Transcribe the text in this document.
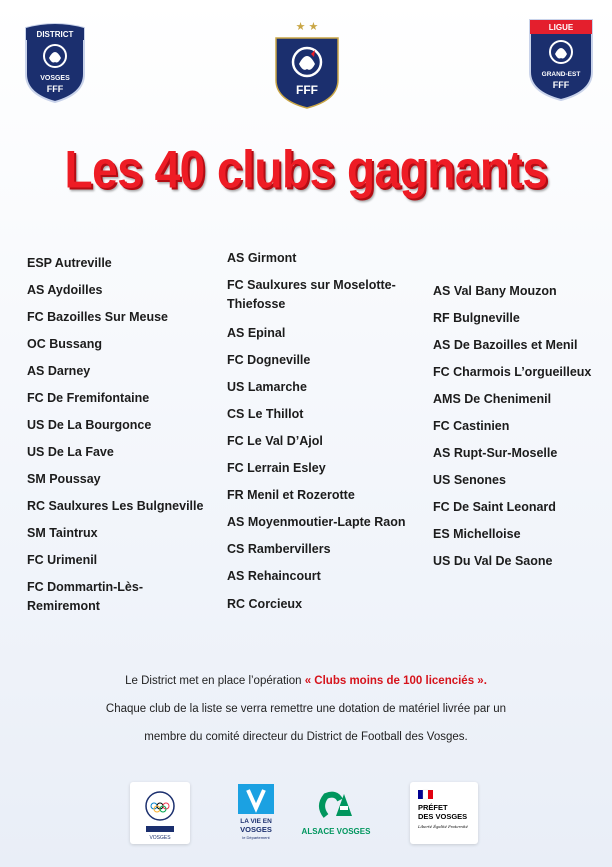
DISTRICT
VOSGES
FFF
★ ★
FFF
LIGUE
GRAND-EST
FFF
Les 40 clubs gagnants
ESP Autreville
AS Aydoilles
FC Bazoilles Sur Meuse
OC Bussang
AS Darney
FC De Fremifontaine
US De La Bourgonce
US De La Fave
SM Poussay
RC Saulxures Les Bulgneville
SM Taintrux
FC Urimenil
FC Dommartin-Lès-Remiremont
AS Girmont
FC Saulxures sur Moselotte-Thiefosse
AS Epinal
FC Dogneville
US Lamarche
CS Le Thillot
FC Le Val D’Ajol
FC Lerrain Esley
FR Menil et Rozerotte
AS Moyenmoutier-Lapte Raon
CS Rambervillers
AS Rehaincourt
RC Corcieux
AS Val Bany Mouzon
RF Bulgneville
AS De Bazoilles et Menil
FC Charmois L’orgueilleux
AMS De Chenimenil
FC Castinien
AS Rupt-Sur-Moselle
US Senones
FC De Saint Leonard
ES Michelloise
US Du Val De Saone
Le District met en place l’opération « Clubs moins de 100 licenciés ».
Chaque club de la liste se verra remettre une dotation de matériel livrée par un
membre du comité directeur du District de Football des Vosges.
VOSGES
LA VIE EN
VOSGES
le Département
ALSACE VOSGES
PRÉFET
DES VOSGES
Liberté Égalité Fraternité
